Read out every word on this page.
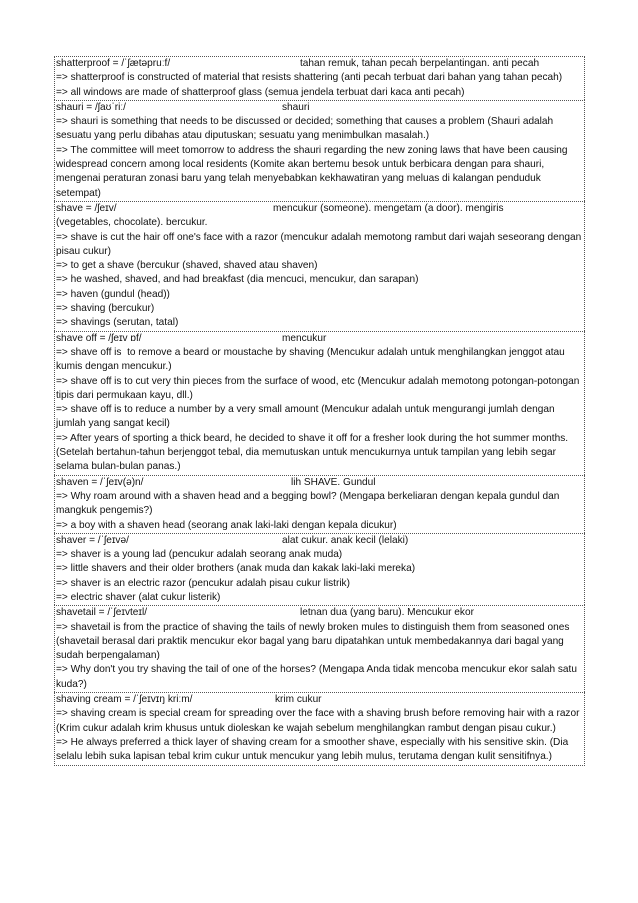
shatterproof = /ˈʃætəpruːf/

	tahan remuk, tahan pecah berpelantingan. anti pecah

=> shatterproof is constructed of material that resists shattering (anti pecah terbuat dari bahan yang tahan pecah)
=> all windows are made of shatterproof glass (semua jendela terbuat dari kaca anti pecah)

shauri = /ʃaʊˈriː/

	shauri

=> shauri is something that needs to be discussed or decided; something that causes a problem (Shauri adalah sesuatu yang perlu dibahas atau diputuskan; sesuatu yang menimbulkan masalah.)
=> The committee will meet tomorrow to address the shauri regarding the new zoning laws that have been causing widespread concern among local residents (Komite akan bertemu besok untuk berbicara dengan para shauri, mengenai peraturan zonasi baru yang telah menyebabkan kekhawatiran yang meluas di kalangan penduduk setempat)

shave = /ʃeɪv/

	mencukur (someone). mengetam (a door). mengiris

(vegetables, chocolate). bercukur.
=> shave is cut the hair off one's face with a razor (mencukur adalah memotong rambut dari wajah seseorang dengan pisau cukur)
=> to get a shave (bercukur (shaved, shaved atau shaven)
=> he washed, shaved, and had breakfast (dia mencuci, mencukur, dan sarapan)
=> haven (gundul (head))
=> shaving (bercukur)
=> shavings (serutan, tatal)

shave off = /ʃeɪv ɒf/

	mencukur

=> shave off is  to remove a beard or moustache by shaving (Mencukur adalah untuk menghilangkan jenggot atau kumis dengan mencukur.)
=> shave off is to cut very thin pieces from the surface of wood, etc (Mencukur adalah memotong potongan-potongan tipis dari permukaan kayu, dll.)
=> shave off is to reduce a number by a very small amount (Mencukur adalah untuk mengurangi jumlah dengan jumlah yang sangat kecil)
=> After years of sporting a thick beard, he decided to shave it off for a fresher look during the hot summer months. (Setelah bertahun-tahun berjenggot tebal, dia memutuskan untuk mencukurnya untuk tampilan yang lebih segar selama bulan-bulan panas.)

shaven = /ˈʃeɪv(ə)n/

	lih SHAVE. Gundul

=> Why roam around with a shaven head and a begging bowl? (Mengapa berkeliaran dengan kepala gundul dan mangkuk pengemis?)
=> a boy with a shaven head (seorang anak laki-laki dengan kepala dicukur)

shaver = /ˈʃeɪvə/

	alat cukur. anak kecil (lelaki)

=> shaver is a young lad (pencukur adalah seorang anak muda)
=> little shavers and their older brothers (anak muda dan kakak laki-laki mereka)
=> shaver is an electric razor (pencukur adalah pisau cukur listrik)
=> electric shaver (alat cukur listerik)

shavetail = /ˈʃeɪvteɪl/

	letnan dua (yang baru). Mencukur ekor

=> shavetail is from the practice of shaving the tails of newly broken mules to distinguish them from seasoned ones (shavetail berasal dari praktik mencukur ekor bagal yang baru dipatahkan untuk membedakannya dari bagal yang sudah berpengalaman)
=> Why don't you try shaving the tail of one of the horses? (Mengapa Anda tidak mencoba mencukur ekor salah satu kuda?)

shaving cream = /ˈʃeɪvɪŋ kriːm/

	krim cukur

=> shaving cream is special cream for spreading over the face with a shaving brush before removing hair with a razor (Krim cukur adalah krim khusus untuk dioleskan ke wajah sebelum menghilangkan rambut dengan pisau cukur.)
=> He always preferred a thick layer of shaving cream for a smoother shave, especially with his sensitive skin. (Dia selalu lebih suka lapisan tebal krim cukur untuk mencukur yang lebih mulus, terutama dengan kulit sensitifnya.)
